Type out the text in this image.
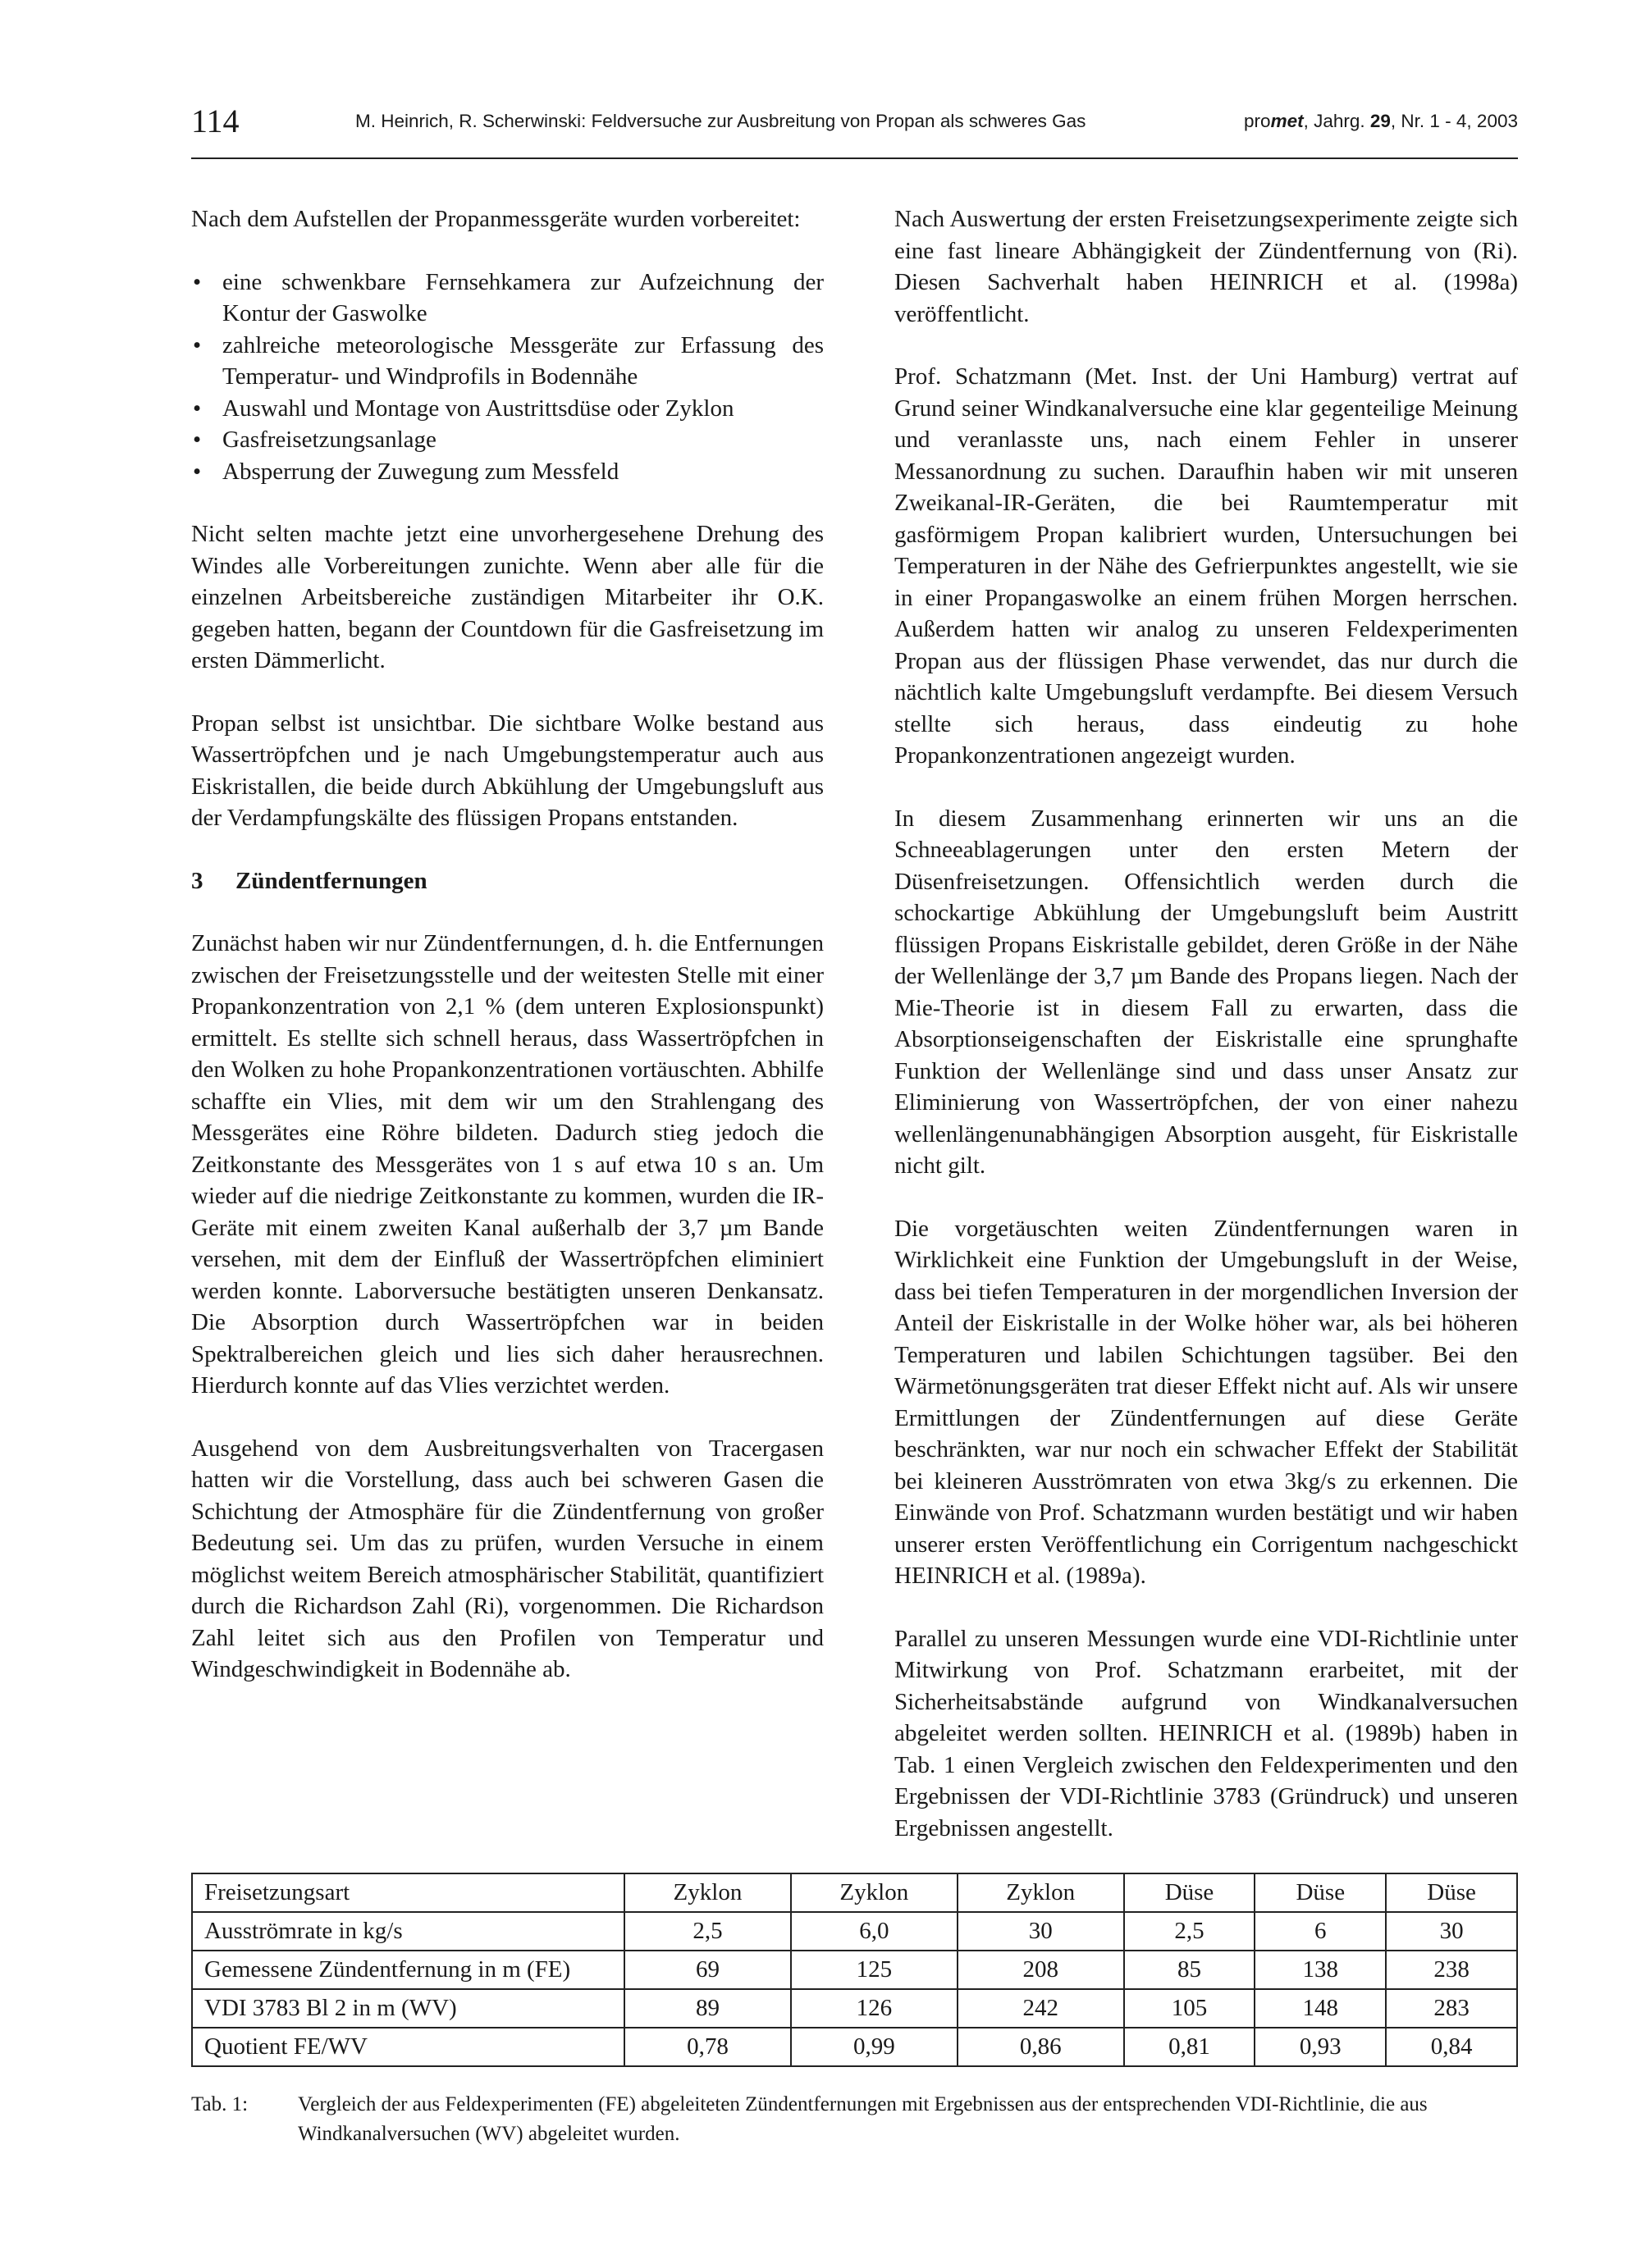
114	M. Heinrich, R. Scherwinski: Feldversuche zur Ausbreitung von Propan als schweres Gas	promet, Jahrg. 29, Nr. 1 - 4, 2003

Nach dem Aufstellen der Propanmessgeräte wurden vorbereitet:

• eine schwenkbare Fernsehkamera zur Aufzeichnung der Kontur der Gaswolke
• zahlreiche meteorologische Messgeräte zur Erfassung des Temperatur- und Windprofils in Bodennähe
• Auswahl und Montage von Austrittsdüse oder Zyklon
• Gasfreisetzungsanlage
• Absperrung der Zuwegung zum Messfeld

Nicht selten machte jetzt eine unvorhergesehene Drehung des Windes alle Vorbereitungen zunichte. Wenn aber alle für die einzelnen Arbeitsbereiche zuständigen Mitarbeiter ihr O.K. gegeben hatten, begann der Countdown für die Gasfreisetzung im ersten Dämmerlicht.

Propan selbst ist unsichtbar. Die sichtbare Wolke bestand aus Wassertröpfchen und je nach Umgebungstemperatur auch aus Eiskristallen, die beide durch Abkühlung der Umgebungsluft aus der Verdampfungskälte des flüssigen Propans entstanden.

3 Zündentfernungen

Zunächst haben wir nur Zündentfernungen, d. h. die Entfernungen zwischen der Freisetzungsstelle und der weitesten Stelle mit einer Propankonzentration von 2,1 % (dem unteren Explosionspunkt) ermittelt. Es stellte sich schnell heraus, dass Wassertröpfchen in den Wolken zu hohe Propankonzentrationen vortäuschten. Abhilfe schaffte ein Vlies, mit dem wir um den Strahlengang des Messgerätes eine Röhre bildeten. Dadurch stieg jedoch die Zeitkonstante des Messgerätes von 1 s auf etwa 10 s an. Um wieder auf die niedrige Zeitkonstante zu kommen, wurden die IR-Geräte mit einem zweiten Kanal außerhalb der 3,7 µm Bande versehen, mit dem der Einfluß der Wassertröpfchen eliminiert werden konnte. Laborversuche bestätigten unseren Denkansatz. Die Absorption durch Wassertröpfchen war in beiden Spektralbereichen gleich und lies sich daher herausrechnen. Hierdurch konnte auf das Vlies verzichtet werden.

Ausgehend von dem Ausbreitungsverhalten von Tracergasen hatten wir die Vorstellung, dass auch bei schweren Gasen die Schichtung der Atmosphäre für die Zündentfernung von großer Bedeutung sei. Um das zu prüfen, wurden Versuche in einem möglichst weitem Bereich atmosphärischer Stabilität, quantifiziert durch die Richardson Zahl (Ri), vorgenommen. Die Richardson Zahl leitet sich aus den Profilen von Temperatur und Windgeschwindigkeit in Bodennähe ab.

Nach Auswertung der ersten Freisetzungsexperimente zeigte sich eine fast lineare Abhängigkeit der Zündentfernung von (Ri). Diesen Sachverhalt haben HEINRICH et al. (1998a) veröffentlicht.

Prof. Schatzmann (Met. Inst. der Uni Hamburg) vertrat auf Grund seiner Windkanalversuche eine klar gegenteilige Meinung und veranlasste uns, nach einem Fehler in unserer Messanordnung zu suchen. Daraufhin haben wir mit unseren Zweikanal-IR-Geräten, die bei Raumtemperatur mit gasförmigem Propan kalibriert wurden, Untersuchungen bei Temperaturen in der Nähe des Gefrierpunktes angestellt, wie sie in einer Propangaswolke an einem frühen Morgen herrschen. Außerdem hatten wir analog zu unseren Feldexperimenten Propan aus der flüssigen Phase verwendet, das nur durch die nächtlich kalte Umgebungsluft verdampfte. Bei diesem Versuch stellte sich heraus, dass eindeutig zu hohe Propankonzentrationen angezeigt wurden.

In diesem Zusammenhang erinnerten wir uns an die Schneeablagerungen unter den ersten Metern der Düsenfreisetzungen. Offensichtlich werden durch die schockartige Abkühlung der Umgebungsluft beim Austritt flüssigen Propans Eiskristalle gebildet, deren Größe in der Nähe der Wellenlänge der 3,7 µm Bande des Propans liegen. Nach der Mie-Theorie ist in diesem Fall zu erwarten, dass die Absorptionseigenschaften der Eiskristalle eine sprunghafte Funktion der Wellenlänge sind und dass unser Ansatz zur Eliminierung von Wassertröpfchen, der von einer nahezu wellenlängenunabhängigen Absorption ausgeht, für Eiskristalle nicht gilt.

Die vorgetäuschten weiten Zündentfernungen waren in Wirklichkeit eine Funktion der Umgebungsluft in der Weise, dass bei tiefen Temperaturen in der morgendlichen Inversion der Anteil der Eiskristalle in der Wolke höher war, als bei höheren Temperaturen und labilen Schichtungen tagsüber. Bei den Wärmetönungsgeräten trat dieser Effekt nicht auf. Als wir unsere Ermittlungen der Zündentfernungen auf diese Geräte beschränkten, war nur noch ein schwacher Effekt der Stabilität bei kleineren Ausströmraten von etwa 3kg/s zu erkennen. Die Einwände von Prof. Schatzmann wurden bestätigt und wir haben unserer ersten Veröffentlichung ein Corrigentum nachgeschickt HEINRICH et al. (1989a).

Parallel zu unseren Messungen wurde eine VDI-Richtlinie unter Mitwirkung von Prof. Schatzmann erarbeitet, mit der Sicherheitsabstände aufgrund von Windkanalversuchen abgeleitet werden sollten. HEINRICH et al. (1989b) haben in Tab. 1 einen Vergleich zwischen den Feldexperimenten und den Ergebnissen der VDI-Richtlinie 3783 (Gründruck) und unseren Ergebnissen angestellt.

Freisetzungsart	Zyklon	Zyklon	Zyklon	Düse	Düse	Düse
Ausströmrate in kg/s	2,5	6,0	30	2,5	6	30
Gemessene Zündentfernung in m (FE)	69	125	208	85	138	238
VDI 3783 Bl 2 in m (WV)	89	126	242	105	148	283
Quotient FE/WV	0,78	0,99	0,86	0,81	0,93	0,84
Tab. 1: Vergleich der aus Feldexperimenten (FE) abgeleiteten Zündentfernungen mit Ergebnissen aus der entsprechenden VDI-Richtlinie, die aus Windkanalversuchen (WV) abgeleitet wurden.
